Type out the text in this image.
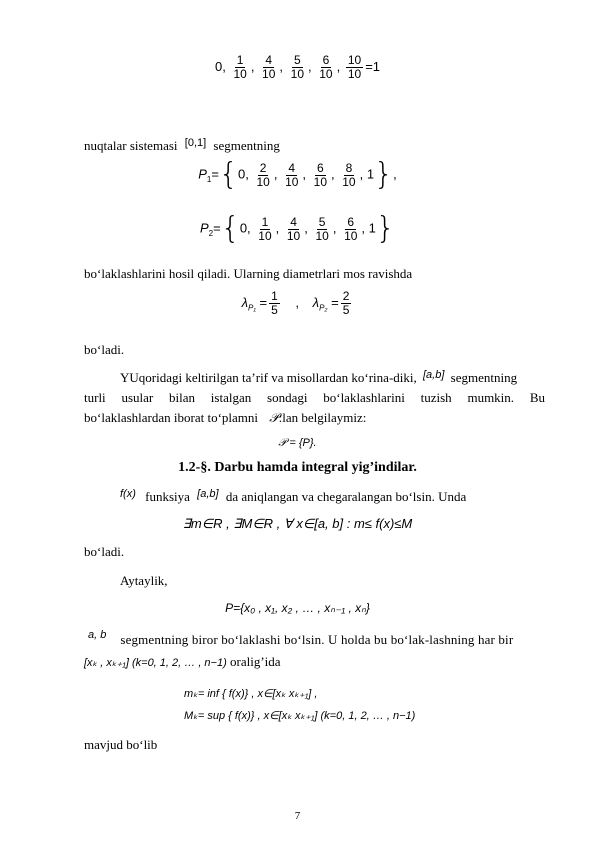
0, $\frac{1}{10}$ , $\frac{4}{10}$ , $\frac{5}{10}$ , $\frac{6}{10}$ , $\frac{10}{10} =1$
nuqtalar sistemasi [0,1] segmentning
$P_1=\{0$, $\frac{2}{10}$ , $\frac{4}{10}$ , $\frac{6}{10}$ , $\frac{8}{10}$ , 1},
$P_2=\{0$, $\frac{1}{10}$ , $\frac{4}{10}$ , $\frac{5}{10}$ , $\frac{6}{10}$ , 1}
bo‘laklashlarini hosil qiladi. Ularning diametrlari mos ravishda
$\lambda_{P_1} = \frac{1}{5}$ , $\lambda_{P_2} = \frac{2}{5}$
bo‘ladi.
YUqoridagi keltirilgan ta’rif va misollardan ko‘rina-diki, [a,b] segmentning
turli usular bilan istalgan sondagi bo‘laklashlarini tuzish mumkin. Bu
bo‘laklashlardan iborat to‘plamni 𝒫:lan belgilaymiz:
𝒫 = {P}.
1.2-§. Darbu hamda integral yig’indilar.
$^{f(x)}$ funksiya [a,b] da aniqlangan va chegaralangan bo‘lsin. Unda
∃m∈R , ∃M∈R , ∀ x∈[a, b] : m≤ f(x)≤M
bo‘ladi.
Aytaylik,
P={x₀ , x₁, x₂ , … , xₙ₋₁ , xₙ}
$^{a, b}$ segmentning biror bo‘laklashi bo‘lsin. U holda bu bo‘lak-lashning har bir
[xₖ , xₖ₊₁] (k=0, 1, 2, … , n−1) oralig’ida
mₖ= inf { f(x)} , x∈[xₖ xₖ₊₁] ,
Mₖ= sup { f(x)} , x∈[xₖ xₖ₊₁] (k=0, 1, 2, … , n−1)
mavjud bo‘lib
7
